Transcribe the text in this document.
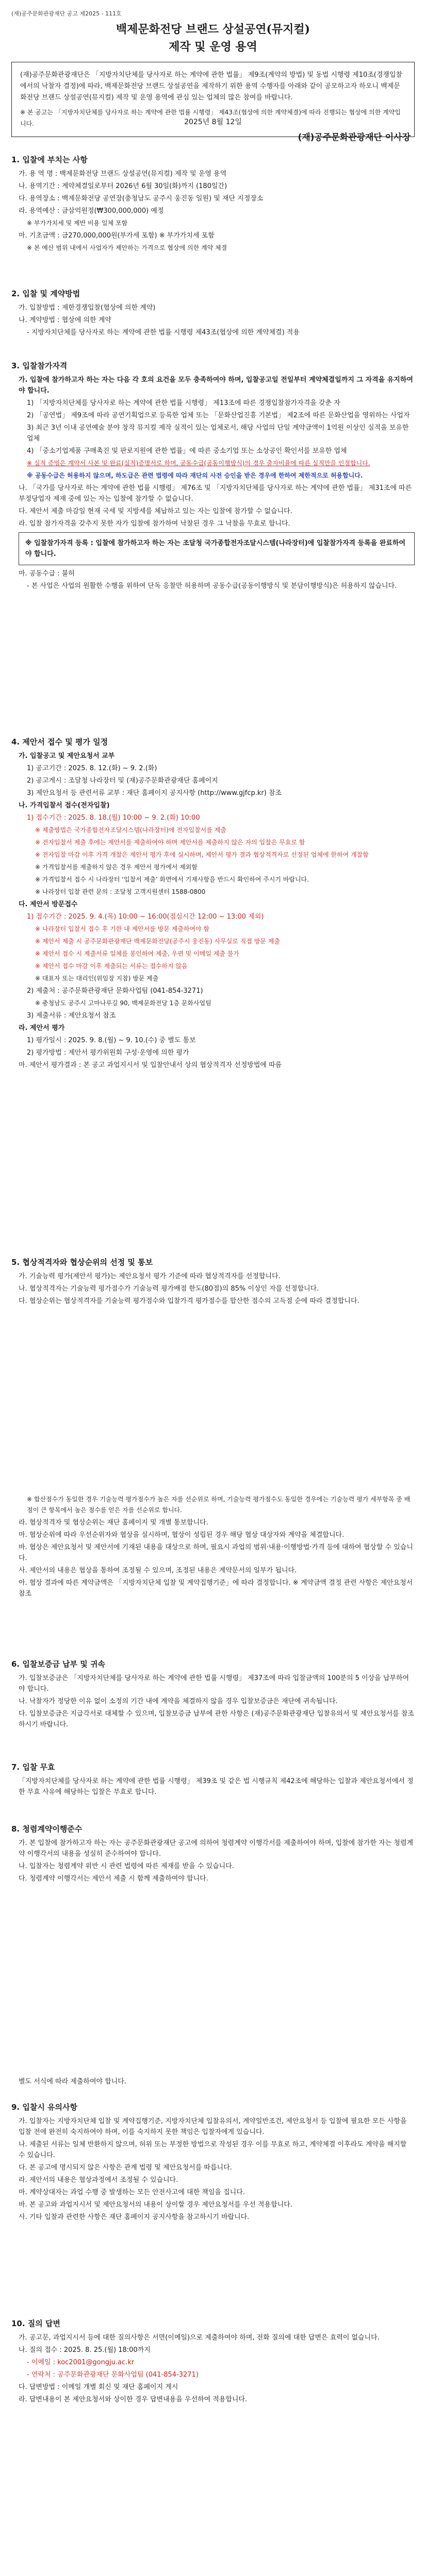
(재)공주문화관광재단 공고 제2025 - 111호
백제문화전당 브랜드 상설공연(뮤지컬)
제작 및 운영 용역
(재)공주문화관광재단은 「지방자치단체를 당사자로 하는 계약에 관한 법률」 제9조(계약의 방법) 및 동법 시행령 제10조(경쟁입찰에서의 낙찰자 결정)에 따라, 백제문화전당 브랜드 상설공연을 제작하기 위한 용역 수행자를 아래와 같이 공모하고자 하오니 백제문화전당 브랜드 상설공연(뮤지컬) 제작 및 운영 용역에 관심 있는 업체의 많은 참여를 바랍니다.
※ 본 공고는 「지방자치단체를 당사자로 하는 계약에 관한 법률 시행령」 제43조(협상에 의한 계약체결)에 따라 진행되는 협상에 의한 계약입니다.	2025년 8월 12일
(재)공주문화관광재단 이사장
1. 입찰에 부치는 사항

가. 용 역 명 : 백제문화전당 브랜드 상설공연(뮤지컬) 제작 및 운영 용역

나. 용역기간 : 계약체결일로부터 2026년 6월 30일(화)까지 (180일간)

다. 용역장소 : 백제문화전당 공연장(충청남도 공주시 웅진동 일원) 및 재단 지정장소

라. 용역예산 : 금삼억원정(₩300,000,000) 예정

※ 부가가치세 및 제반 비용 일체 포함

마. 기초금액 : 금270,000,000원(부가세 포함) ※ 부가가치세 포함

※ 본 예산 범위 내에서 사업자가 제안하는 가격으로 협상에 의한 계약 체결

2. 입찰 및 계약방법

가. 입찰방법 : 제한경쟁입찰(협상에 의한 계약)

나. 계약방법 : 협상에 의한 계약

- 지방자치단체를 당사자로 하는 계약에 관한 법률 시행령 제43조(협상에 의한 계약체결) 적용

3. 입찰참가자격

가. 입찰에 참가하고자 하는 자는 다음 각 호의 요건을 모두 충족하여야 하며, 입찰공고일 전일부터 계약체결일까지 그 자격을 유지하여야 합니다.

1) 「지방자치단체를 당사자로 하는 계약에 관한 법률 시행령」 제13조에 따른 경쟁입찰참가자격을 갖춘 자

2) 「공연법」 제9조에 따라 공연기획업으로 등록한 업체 또는 「문화산업진흥 기본법」 제2조에 따른 문화산업을 영위하는 사업자

3) 최근 3년 이내 공연예술 분야 창작 뮤지컬 제작 실적이 있는 업체로서, 해당 사업의 단일 계약금액이 1억원 이상인 실적을 보유한 업체

4) 「중소기업제품 구매촉진 및 판로지원에 관한 법률」에 따른 중소기업 또는 소상공인 확인서를 보유한 업체

※ 실적 증빙은 계약서 사본 및 완료(실적)증명서로 하며, 공동수급(공동이행방식)의 경우 출자비율에 따른 실적만을 인정합니다.

※ 공동수급은 허용하지 않으며, 하도급은 관련 법령에 따라 재단의 사전 승인을 받은 경우에 한하여 제한적으로 허용합니다.

나. 「국가를 당사자로 하는 계약에 관한 법률 시행령」 제76조 및 「지방자치단체를 당사자로 하는 계약에 관한 법률」 제31조에 따른 부정당업자 제재 중에 있는 자는 입찰에 참가할 수 없습니다.

다. 제안서 제출 마감일 현재 국세 및 지방세를 체납하고 있는 자는 입찰에 참가할 수 없습니다.

라. 입찰 참가자격을 갖추지 못한 자가 입찰에 참가하여 낙찰된 경우 그 낙찰을 무효로 합니다.

※ 입찰참가자격 등록 : 입찰에 참가하고자 하는 자는 조달청 국가종합전자조달시스템(나라장터)에 입찰참가자격 등록을 완료하여야 합니다.

마. 공동수급 : 불허

- 본 사업은 사업의 원활한 수행을 위하여 단독 응찰만 허용하며 공동수급(공동이행방식 및 분담이행방식)은 허용하지 않습니다.

4. 제안서 접수 및 평가 일정

가. 입찰공고 및 제안요청서 교부

1) 공고기간 : 2025. 8. 12.(화) ~ 9. 2.(화)

2) 공고게시 : 조달청 나라장터 및 (재)공주문화관광재단 홈페이지

3) 제안요청서 등 관련서류 교부 : 재단 홈페이지 공지사항 (http://www.gjfcp.kr) 참조

나. 가격입찰서 접수(전자입찰)

1) 접수기간 : 2025. 8. 18.(월) 10:00 ~ 9. 2.(화) 10:00

※ 제출방법은 국가종합전자조달시스템(나라장터)에 전자입찰서를 제출

※ 전자입찰서 제출 후에는 제안서를 제출하여야 하며 제안서를 제출하지 않은 자의 입찰은 무효로 함

※ 전자입찰 마감 이후 가격 개찰은 제안서 평가 후에 실시하며, 제안서 평가 결과 협상적격자로 선정된 업체에 한하여 개찰함

※ 가격입찰서를 제출하지 않은 경우 제안서 평가에서 제외함

※ 가격입찰서 접수 시 나라장터 ‘입찰서 제출’ 화면에서 기재사항을 반드시 확인하여 주시기 바랍니다.

※ 나라장터 입찰 관련 문의 : 조달청 고객지원센터 1588-0800

다. 제안서 방문접수

1) 접수기간 : 2025. 9. 4.(목) 10:00 ~ 16:00(점심시간 12:00 ~ 13:00 제외)

※ 나라장터 입찰서 접수 후 기한 내 제안서를 방문 제출하여야 함

※ 제안서 제출 시 공주문화관광재단 백제문화전당(공주시 웅진동) 사무실로 직접 방문 제출

※ 제안서 접수 시 제출서류 일체를 봉인하여 제출, 우편 및 이메일 제출 불가

※ 제안서 접수 마감 이후 제출되는 서류는 접수하지 않음

※ 대표자 또는 대리인(위임장 지참) 방문 제출

2) 제출처 : 공주문화관광재단 문화사업팀 (041-854-3271)

※ 충청남도 공주시 고마나루길 90, 백제문화전당 1층 문화사업팀

3) 제출서류 : 제안요청서 참조

라. 제안서 평가

1) 평가일시 : 2025. 9. 8.(월) ~ 9. 10.(수) 중 별도 통보

2) 평가방법 : 제안서 평가위원회 구성·운영에 의한 평가

마. 제안서 평가결과 : 본 공고 과업지시서 및 입찰안내서 상의 협상적격자 선정방법에 따름

5. 협상적격자와 협상순위의 선정 및 통보

가. 기술능력 평가(제안서 평가)는 제안요청서 평가 기준에 따라 협상적격자를 선정합니다.

나. 협상적격자는 기술능력 평가점수가 기술능력 평가배점 한도(80점)의 85% 이상인 자를 선정합니다.

다. 협상순위는 협상적격자를 기술능력 평가점수와 입찰가격 평가점수를 합산한 점수의 고득점 순에 따라 결정합니다.

※ 합산점수가 동일한 경우 기술능력 평가점수가 높은 자를 선순위로 하며, 기술능력 평가점수도 동일한 경우에는 기술능력 평가 세부항목 중 배점이 큰 항목에서 높은 점수를 얻은 자를 선순위로 합니다.

라. 협상적격자 및 협상순위는 재단 홈페이지 및 개별 통보합니다.

마. 협상순위에 따라 우선순위자와 협상을 실시하며, 협상이 성립된 경우 해당 협상 대상자와 계약을 체결합니다.

바. 협상은 제안요청서 및 제안서에 기재된 내용을 대상으로 하며, 필요시 과업의 범위·내용·이행방법·가격 등에 대하여 협상할 수 있습니다.

사. 제안서의 내용은 협상을 통하여 조정될 수 있으며, 조정된 내용은 계약문서의 일부가 됩니다.

아. 협상 결과에 따른 계약금액은 「지방자치단체 입찰 및 계약집행기준」에 따라 결정합니다. ※ 계약금액 결정 관련 사항은 제안요청서 참조

6. 입찰보증금 납부 및 귀속

가. 입찰보증금은 「지방자치단체를 당사자로 하는 계약에 관한 법률 시행령」 제37조에 따라 입찰금액의 100분의 5 이상을 납부하여야 합니다.

나. 낙찰자가 정당한 이유 없이 소정의 기간 내에 계약을 체결하지 않을 경우 입찰보증금은 재단에 귀속됩니다.

다. 입찰보증금은 지급각서로 대체할 수 있으며, 입찰보증금 납부에 관한 사항은 (재)공주문화관광재단 입찰유의서 및 제안요청서를 참조하시기 바랍니다.

7. 입찰 무효

「지방자치단체를 당사자로 하는 계약에 관한 법률 시행령」 제39조 및 같은 법 시행규칙 제42조에 해당하는 입찰과 제안요청서에서 정한 무효 사유에 해당하는 입찰은 무효로 합니다.

8. 청렴계약이행준수

가. 본 입찰에 참가하고자 하는 자는 공주문화관광재단 공고에 의하여 청렴계약 이행각서를 제출하여야 하며, 입찰에 참가한 자는 청렴계약 이행각서의 내용을 성실히 준수하여야 합니다.

나. 입찰자는 청렴계약 위반 시 관련 법령에 따른 제재를 받을 수 있습니다.

다. 청렴계약 이행각서는 제안서 제출 시 함께 제출하여야 합니다.

별도 서식에 따라 제출하여야 합니다.

9. 입찰시 유의사항

가. 입찰자는 지방자치단체 입찰 및 계약집행기준, 지방자치단체 입찰유의서, 계약일반조건, 제안요청서 등 입찰에 필요한 모든 사항을 입찰 전에 완전히 숙지하여야 하며, 이를 숙지하지 못한 책임은 입찰자에게 있습니다.

나. 제출된 서류는 일체 반환하지 않으며, 허위 또는 부정한 방법으로 작성된 경우 이를 무효로 하고, 계약체결 이후라도 계약을 해지할 수 있습니다.

다. 본 공고에 명시되지 않은 사항은 관계 법령 및 제안요청서를 따릅니다.

라. 제안서의 내용은 협상과정에서 조정될 수 있습니다.

마. 계약상대자는 과업 수행 중 발생하는 모든 안전사고에 대한 책임을 집니다.

바. 본 공고와 과업지시서 및 제안요청서의 내용이 상이할 경우 제안요청서를 우선 적용합니다.

사. 기타 입찰과 관련한 사항은 재단 홈페이지 공지사항을 참고하시기 바랍니다.

10. 질의 답변

가. 공고문, 과업지시서 등에 대한 질의사항은 서면(이메일)으로 제출하여야 하며, 전화 질의에 대한 답변은 효력이 없습니다.

나. 질의 접수 : 2025. 8. 25.(월) 18:00까지

- 이메일 : koc2001@gongju.ac.kr

- 연락처 : 공주문화관광재단 문화사업팀 (041-854-3271)

다. 답변방법 : 이메일 개별 회신 및 재단 홈페이지 게시

라. 답변내용이 본 제안요청서와 상이한 경우 답변내용을 우선하여 적용합니다.
